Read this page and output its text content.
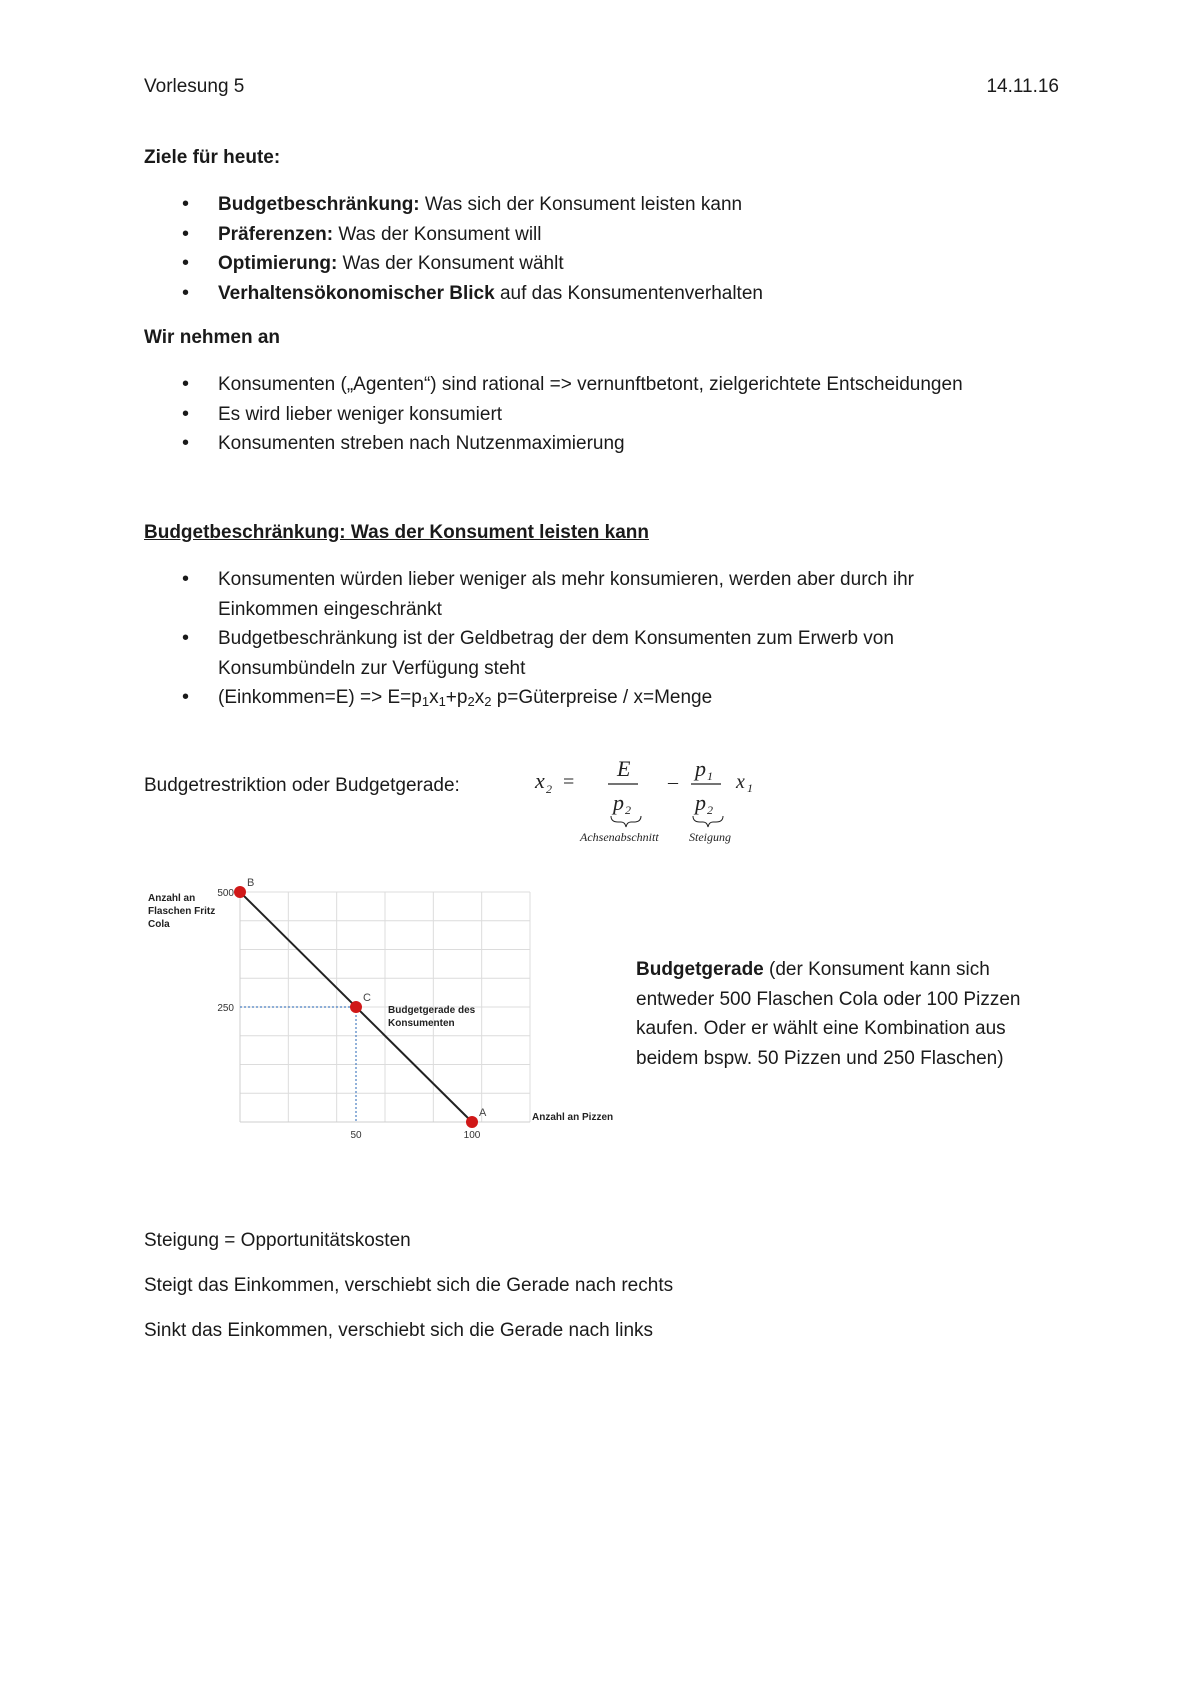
Vorlesung 5	14.11.16
Ziele für heute:
• Budgetbeschränkung: Was sich der Konsument leisten kann
• Präferenzen: Was der Konsument will
• Optimierung: Was der Konsument wählt
• Verhaltensökonomischer Blick auf das Konsumentenverhalten
Wir nehmen an
• Konsumenten („Agenten“) sind rational => vernunftbetont, zielgerichtete Entscheidungen
• Es wird lieber weniger konsumiert
• Konsumenten streben nach Nutzenmaximierung
Budgetbeschränkung: Was der Konsument leisten kann
• Konsumenten würden lieber weniger als mehr konsumieren, werden aber durch ihr Einkommen eingeschränkt
• Budgetbeschränkung ist der Geldbetrag der dem Konsumenten zum Erwerb von Konsumbündeln zur Verfügung steht
• (Einkommen=E) => $E=p_1x_1+p_2x_2$ p=Güterpreise / x=Menge
Budgetrestriktion oder Budgetgerade:	x 2 =
E
p 2
–
p 1
p 2
x 1
Achsenabschnitt	Steigung
B
C
A
250
500
50	100
Anzahl an
Flaschen Fritz
Cola
Anzahl an Pizzen
Budgetgerade des
Konsumenten
Budgetgerade (der Konsument kann sich entweder 500 Flaschen Cola oder 100 Pizzen kaufen. Oder er wählt eine Kombination aus beidem bspw. 50 Pizzen und 250 Flaschen)
Steigung = Opportunitätskosten
Steigt das Einkommen, verschiebt sich die Gerade nach rechts
Sinkt das Einkommen, verschiebt sich die Gerade nach links
